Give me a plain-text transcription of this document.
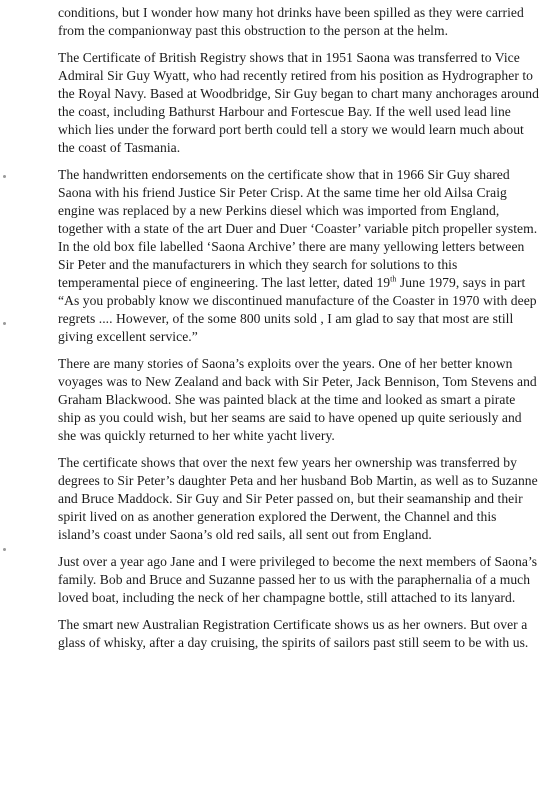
conditions, but I wonder how many hot drinks have been spilled as they were carried from the companionway past this obstruction to the person at the helm.

The Certificate of British Registry shows that in 1951 Saona was transferred to Vice Admiral Sir Guy Wyatt, who had recently retired from his position as Hydrographer to the Royal Navy. Based at Woodbridge, Sir Guy began to chart many anchorages around the coast, including Bathurst Harbour and Fortescue Bay. If the well used lead line which lies under the forward port berth could tell a story we would learn much about the coast of Tasmania.

The handwritten endorsements on the certificate show that in 1966 Sir Guy shared Saona with his friend Justice Sir Peter Crisp. At the same time her old Ailsa Craig engine was replaced by a new Perkins diesel which was imported from England, together with a state of the art Duer and Duer ‘Coaster’ variable pitch propeller system. In the old box file labelled ‘Saona Archive’ there are many yellowing letters between Sir Peter and the manufacturers in which they search for solutions to this temperamental piece of engineering. The last letter, dated 19th June 1979, says in part “As you probably know we discontinued manufacture of the Coaster in 1970 with deep regrets .... However, of the some 800 units sold , I am glad to say that most are still giving excellent service.”

There are many stories of Saona’s exploits over the years. One of her better known voyages was to New Zealand and back with Sir Peter, Jack Bennison, Tom Stevens and Graham Blackwood. She was painted black at the time and looked as smart a pirate ship as you could wish, but her seams are said to have opened up quite seriously and she was quickly returned to her white yacht livery.

The certificate shows that over the next few years her ownership was transferred by degrees to Sir Peter’s daughter Peta and her husband Bob Martin, as well as to Suzanne and Bruce Maddock. Sir Guy and Sir Peter passed on, but their seamanship and their spirit lived on as another generation explored the Derwent, the Channel and this island’s coast under Saona’s old red sails, all sent out from England.

Just over a year ago Jane and I were privileged to become the next members of Saona’s family. Bob and Bruce and Suzanne passed her to us with the paraphernalia of a much loved boat, including the neck of her champagne bottle, still attached to its lanyard.

The smart new Australian Registration Certificate shows us as her owners. But over a glass of whisky, after a day cruising, the spirits of sailors past still seem to be with us.
